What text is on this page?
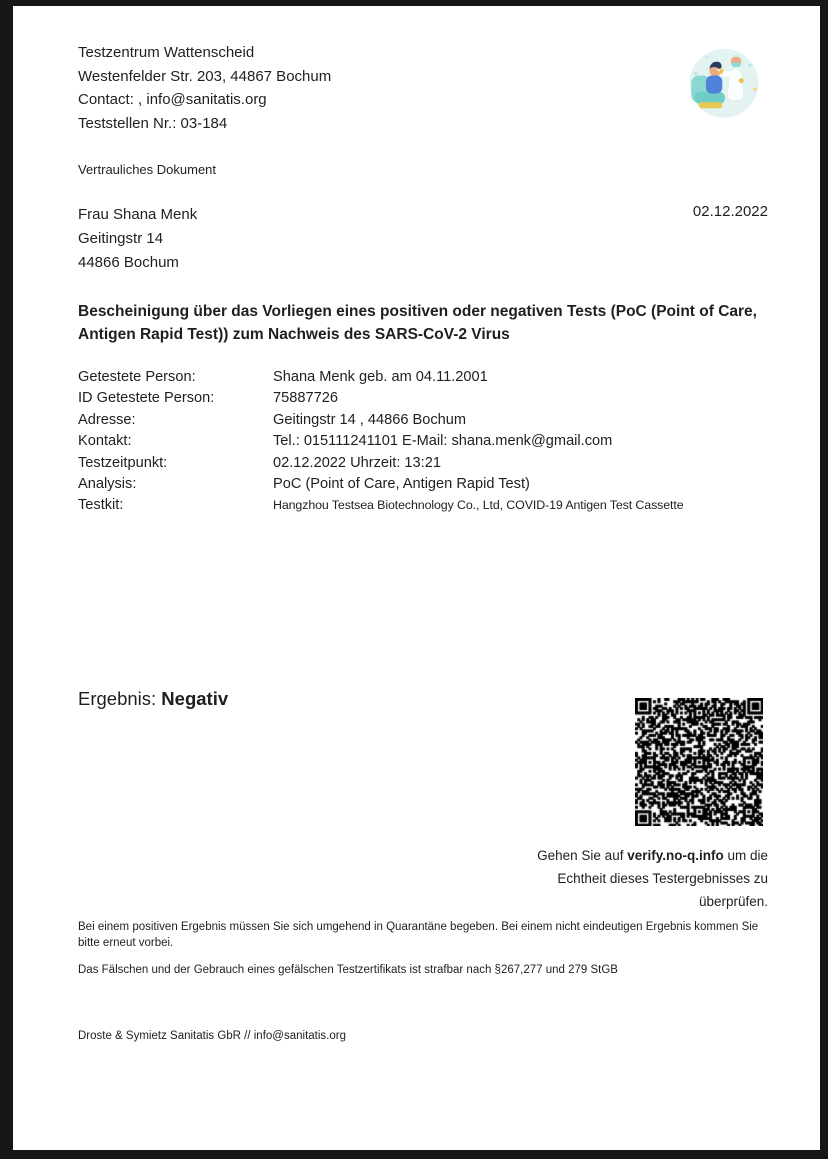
Testzentrum Wattenscheid
Westenfelder Str. 203, 44867 Bochum
Contact: , info@sanitatis.org
Teststellen Nr.: 03-184
Vertrauliches Dokument
Frau Shana Menk
Geitingstr 14
44866 Bochum
02.12.2022
Bescheinigung über das Vorliegen eines positiven oder negativen Tests (PoC (Point of Care, Antigen Rapid Test)) zum Nachweis des SARS-CoV-2 Virus
Getestete Person:	Shana Menk geb. am 04.11.2001
ID Getestete Person:	75887726
Adresse:	Geitingstr 14 , 44866 Bochum
Kontakt:	Tel.: 015111241101 E-Mail: shana.menk@gmail.com
Testzeitpunkt:	02.12.2022 Uhrzeit: 13:21
Analysis:	PoC (Point of Care, Antigen Rapid Test)
Testkit:	Hangzhou Testsea Biotechnology Co., Ltd, COVID-19 Antigen Test Cassette
Ergebnis: Negativ
Gehen Sie auf verify.no-q.info um die Echtheit dieses Testergebnisses zu überprüfen.
Bei einem positiven Ergebnis müssen Sie sich umgehend in Quarantäne begeben. Bei einem nicht eindeutigen Ergebnis kommen Sie bitte erneut vorbei.
Das Fälschen und der Gebrauch eines gefälschen Testzertifikats ist strafbar nach §267,277 und 279 StGB
Droste & Symietz Sanitatis GbR // info@sanitatis.org
